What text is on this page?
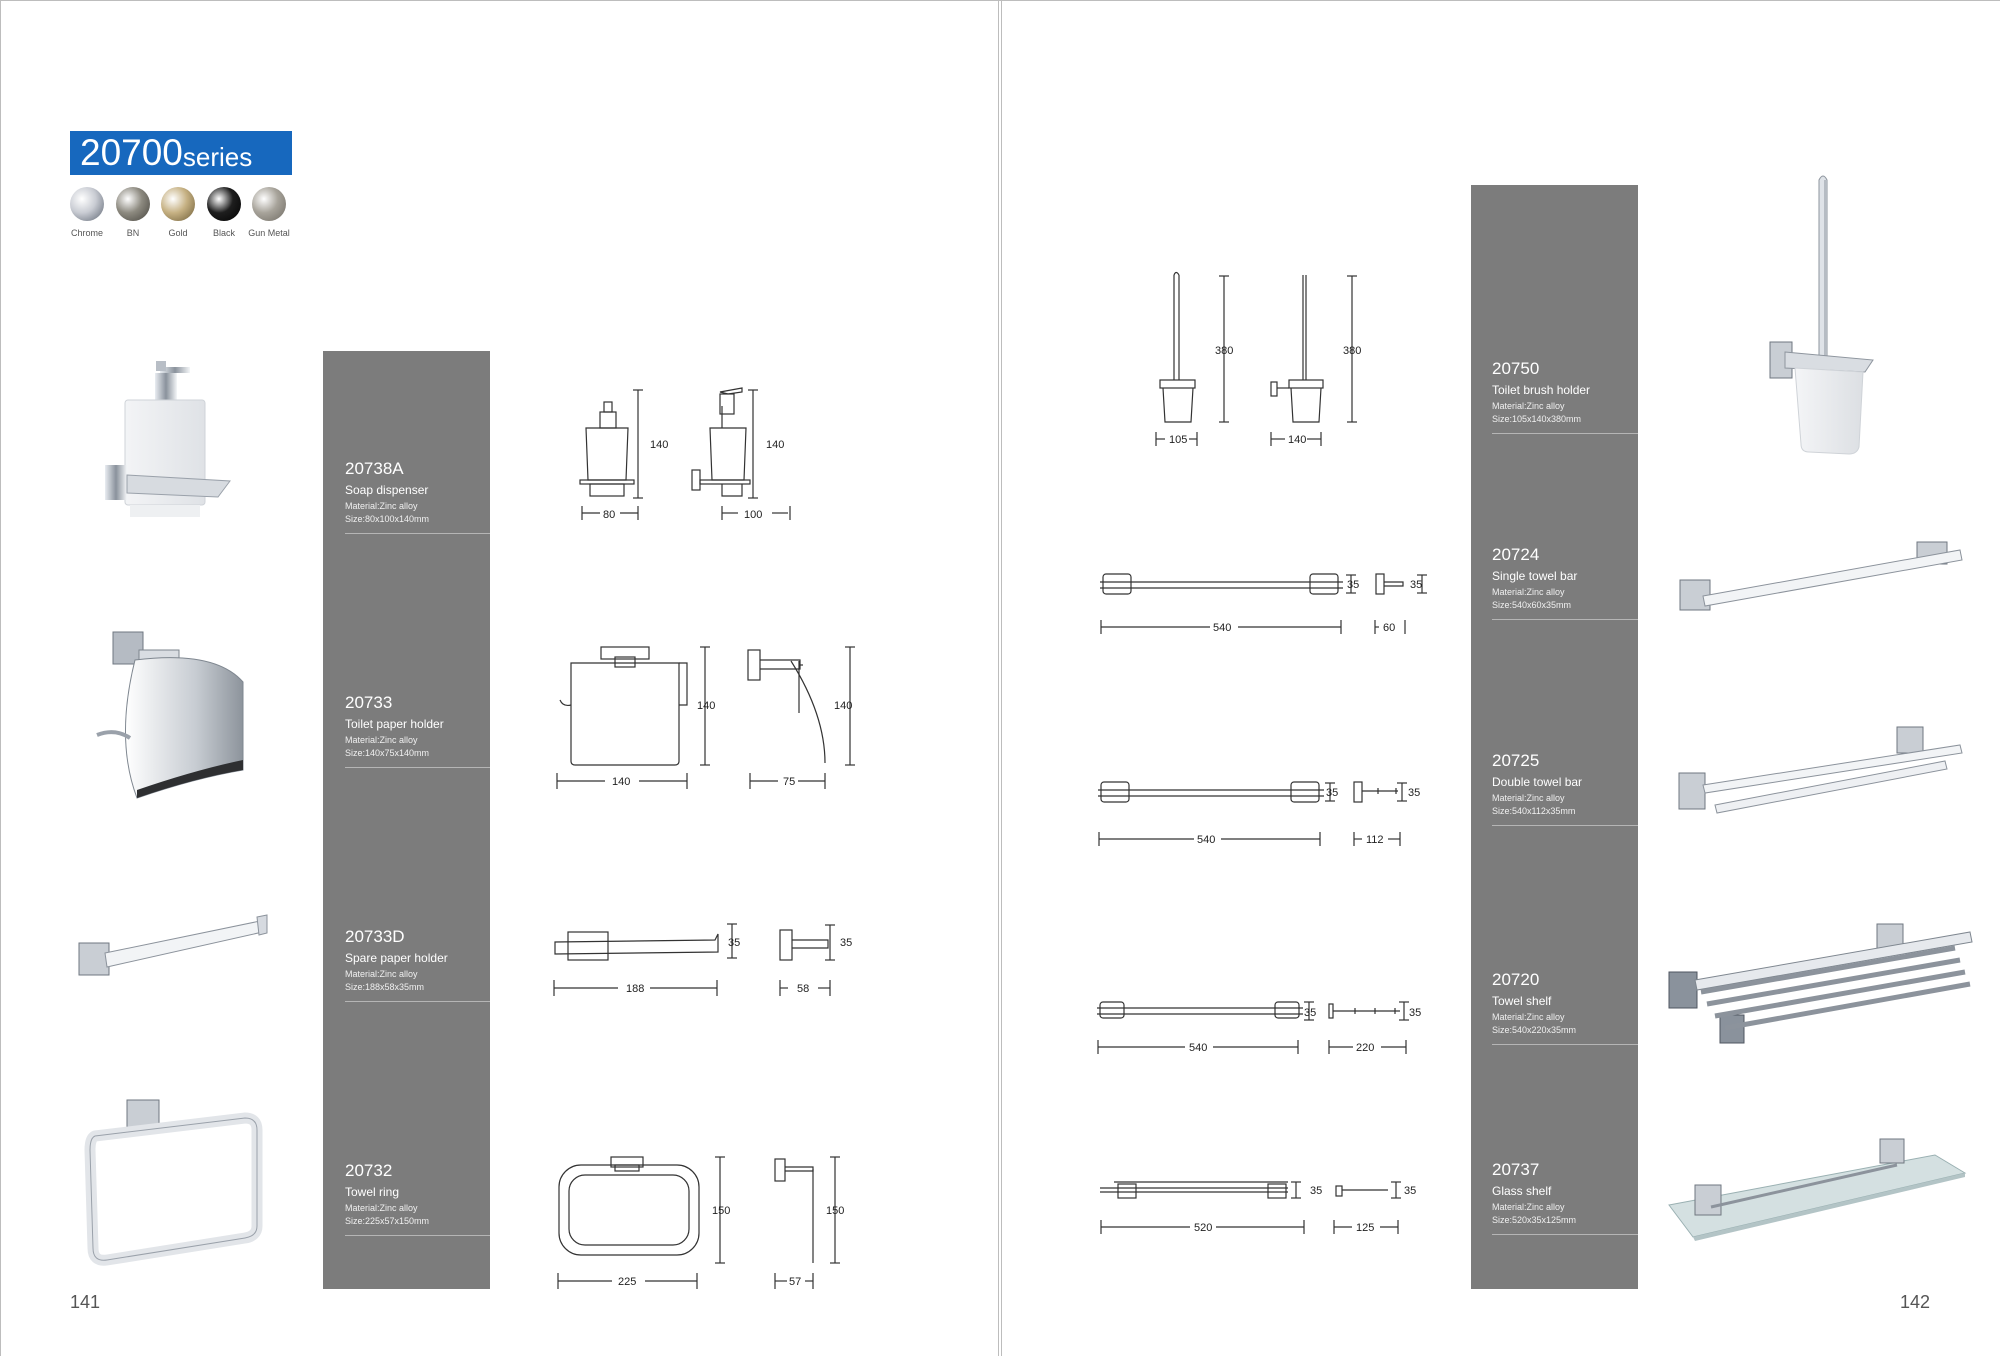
20700 series
Chrome	BN	Gold	Black	Gun Metal
20738A
Soap dispenser
Material:Zinc alloy
Size:80x100x140mm
20733
Toilet paper holder
Material:Zinc alloy
Size:140x75x140mm
20733D
Spare paper holder
Material:Zinc alloy
Size:188x58x35mm
20732
Towel ring
Material:Zinc alloy
Size:225x57x150mm
20750
Toilet brush holder
Material:Zinc alloy
Size:105x140x380mm
20724
Single towel bar
Material:Zinc alloy
Size:540x60x35mm
20725
Double towel bar
Material:Zinc alloy
Size:540x112x35mm
20720
Towel shelf
Material:Zinc alloy
Size:540x220x35mm
20737
Glass shelf
Material:Zinc alloy
Size:520x35x125mm
140
80
140
100
140
140
140
75
35
188
35
58
150
225
150
57
380
105
380
140
35
540
35
60
35
540
35
112
35
540
35
220
35
520
35
125
141	142
